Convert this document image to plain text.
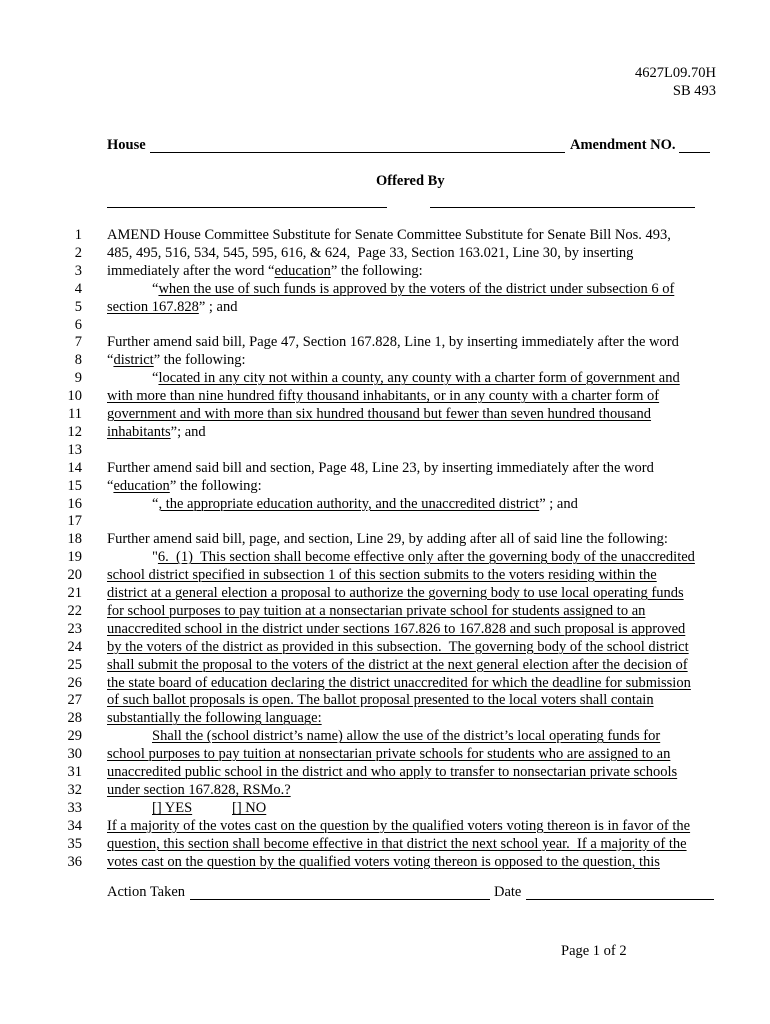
4627L09.70H
SB 493
House	Amendment NO.
Offered By
1 AMEND House Committee Substitute for Senate Committee Substitute for Senate Bill Nos. 493,
2 485, 495, 516, 534, 545, 595, 616, & 624,  Page 33, Section 163.021, Line 30, by inserting
3 immediately after the word “education” the following:
4	“when the use of such funds is approved by the voters of the district under subsection 6 of
5 section 167.828” ; and
6
7 Further amend said bill, Page 47, Section 167.828, Line 1, by inserting immediately after the word
8 “district” the following:
9	“located in any city not within a county, any county with a charter form of government and
10 with more than nine hundred fifty thousand inhabitants, or in any county with a charter form of
11 government and with more than six hundred thousand but fewer than seven hundred thousand
12 inhabitants”; and
13
14 Further amend said bill and section, Page 48, Line 23, by inserting immediately after the word
15 “education” the following:
16	“, the appropriate education authority, and the unaccredited district” ; and
17
18 Further amend said bill, page, and section, Line 29, by adding after all of said line the following:
19	"6.  (1)  This section shall become effective only after the governing body of the unaccredited
20 school district specified in subsection 1 of this section submits to the voters residing within the
21 district at a general election a proposal to authorize the governing body to use local operating funds
22 for school purposes to pay tuition at a nonsectarian private school for students assigned to an
23 unaccredited school in the district under sections 167.826 to 167.828 and such proposal is approved
24 by the voters of the district as provided in this subsection.  The governing body of the school district
25 shall submit the proposal to the voters of the district at the next general election after the decision of
26 the state board of education declaring the district unaccredited for which the deadline for submission
27 of such ballot proposals is open. The ballot proposal presented to the local voters shall contain
28 substantially the following language:
29	Shall the (school district’s name) allow the use of the district’s local operating funds for
30 school purposes to pay tuition at nonsectarian private schools for students who are assigned to an
31 unaccredited public school in the district and who apply to transfer to nonsectarian private schools
32 under section 167.828, RSMo.?
33	[] YES	[] NO
34 If a majority of the votes cast on the question by the qualified voters voting thereon is in favor of the
35 question, this section shall become effective in that district the next school year.  If a majority of the
36 votes cast on the question by the qualified voters voting thereon is opposed to the question, this
Action Taken	Date
Page 1 of 2
